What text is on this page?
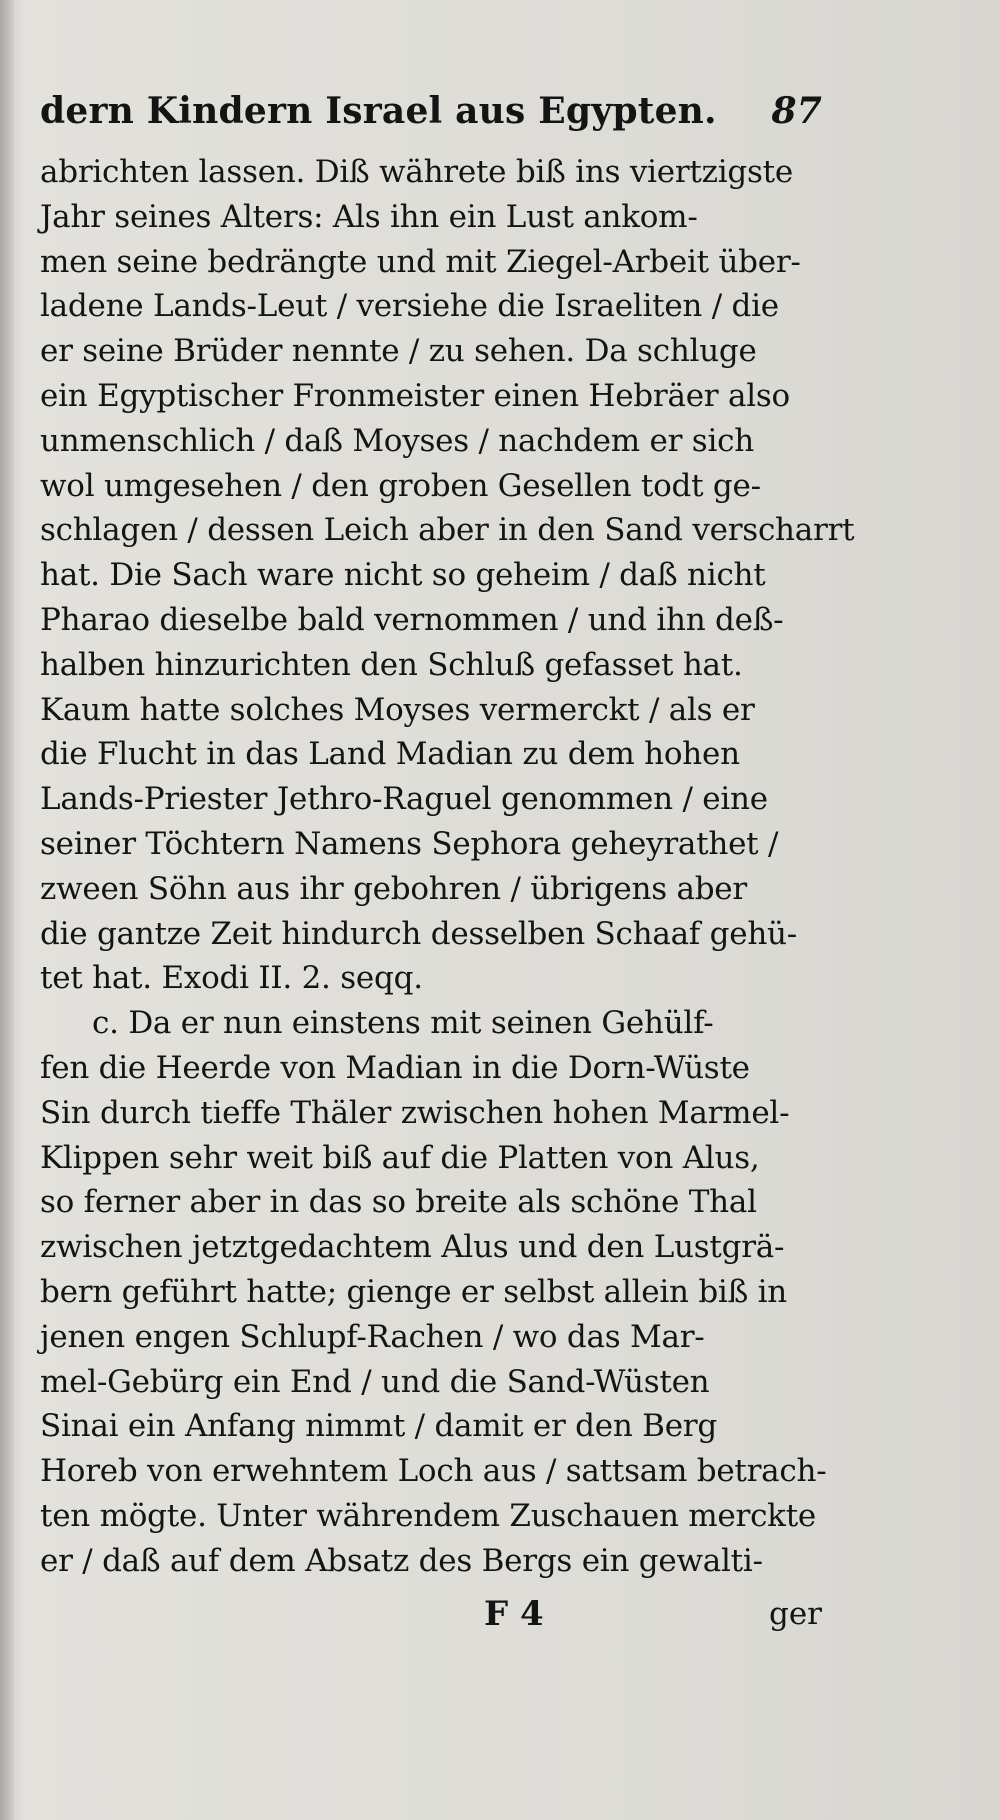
dern Kindern Israel aus Egypten. 87
abrichten lassen. Diß währete biß ins viertzigste
Jahr seines Alters: Als ihn ein Lust ankom-
men seine bedrängte und mit Ziegel-Arbeit über-
ladene Lands-Leut / versiehe die Israeliten / die
er seine Brüder nennte / zu sehen. Da schluge
ein Egyptischer Fronmeister einen Hebräer also
unmenschlich / daß Moyses / nachdem er sich
wol umgesehen / den groben Gesellen todt ge-
schlagen / dessen Leich aber in den Sand verscharrt
hat. Die Sach ware nicht so geheim / daß nicht
Pharao dieselbe bald vernommen / und ihn deß-
halben hinzurichten den Schluß gefasset hat.
Kaum hatte solches Moyses vermerckt / als er
die Flucht in das Land Madian zu dem hohen
Lands-Priester Jethro-Raguel genommen / eine
seiner Töchtern Namens Sephora geheyrathet /
zween Söhn aus ihr gebohren / übrigens aber
die gantze Zeit hindurch desselben Schaaf gehü-
tet hat. Exodi II. 2. seqq.
c. Da er nun einstens mit seinen Gehülf-
fen die Heerde von Madian in die Dorn-Wüste
Sin durch tieffe Thäler zwischen hohen Marmel-
Klippen sehr weit biß auf die Platten von Alus,
so ferner aber in das so breite als schöne Thal
zwischen jetztgedachtem Alus und den Lustgrä-
bern geführt hatte; gienge er selbst allein biß in
jenen engen Schlupf-Rachen / wo das Mar-
mel-Gebürg ein End / und die Sand-Wüsten
Sinai ein Anfang nimmt / damit er den Berg
Horeb von erwehntem Loch aus / sattsam betrach-
ten mögte. Unter währendem Zuschauen merckte
er / daß auf dem Absatz des Bergs ein gewalti-
F 4	ger
